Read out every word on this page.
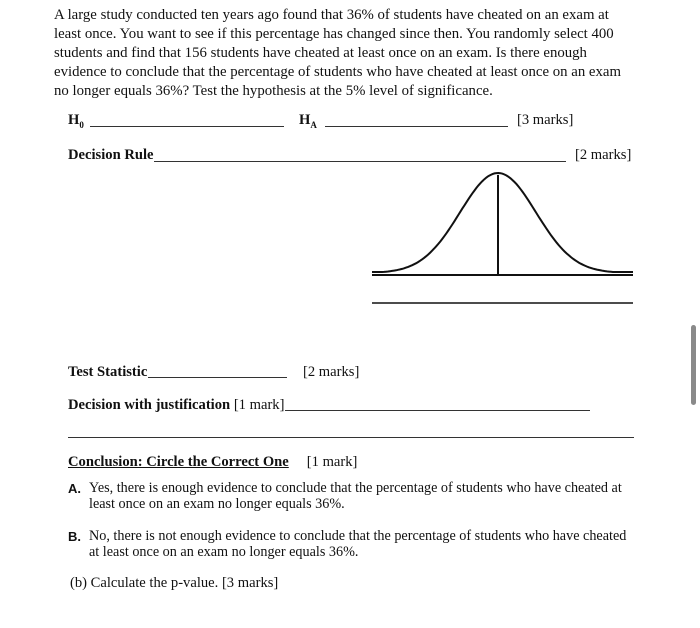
A large study conducted ten years ago found that 36% of students have cheated on an exam at
least once. You want to see if this percentage has changed since then. You randomly select 400
students and find that 156 students have cheated at least once on an exam. Is there enough
evidence to conclude that the percentage of students who have cheated at least once on an exam
no longer equals 36%? Test the hypothesis at the 5% level of significance.
$H_0$	$H_A$	[3 marks]
Decision Rule	[2 marks]
Test Statistic	[2 marks]
Decision with justification [1 mark]
Conclusion: Circle the Correct One [1 mark]
A. Yes, there is enough evidence to conclude that the percentage of students who have cheated at least once on an exam no longer equals 36%.
B. No, there is not enough evidence to conclude that the percentage of students who have cheated at least once on an exam no longer equals 36%.
(b) Calculate the p-value. [3 marks]
